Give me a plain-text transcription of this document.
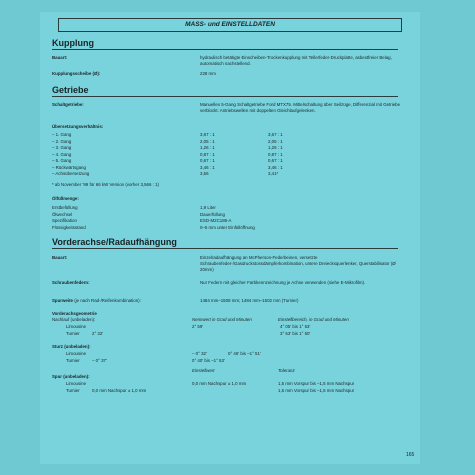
MASS- und EINSTELLDATEN
Kupplung
Bauart:	hydraulisch betätigte Einscheiben-Trockenkupplung mit Tellerfeder-Druckplatte, asbestfreier Belag, automatisch nachstellend.
Kupplungsscheibe (Ø):	228 mm
Getriebe
Schaltgetriebe:	Manuelles 5-Gang Schaltgetriebe Ford MTX75. Mittelschaltung über Seilzüge, Differenzial mit Getriebe verblockt. Antriebswellen mit doppelten Gleichlaufgelenken.
Übersetzungsverhältnis:
– 1. Gang	3,67 : 1	3,67 : 1
– 2. Gang	2,05 : 1	2,05 : 1
– 3. Gang	1,26 : 1	1,26 : 1
– 4. Gang	0,87 : 1	0,87 : 1
– 5. Gang	0,67 : 1	0,67 : 1
– Rückwärtsgang	3,46 : 1	3,46 : 1
– Achsübersetzung	3,56	3,41*
* ab November '99 für 66 kW Version (vorher 3,566 : 1)
Ölfüllmenge:
Erstbefüllung	1,9 Liter
Ölwechsel	Dauerfüllung
Spezifikation	ESD-M2C186-A
Flüssigkeitsstand	0–5 mm unter Einfüllöffnung
Vorderachse/Radaufhängung
Bauart:	Einzelradaufhängung an McPherson-Federbeinen, versetzte Schraubenfeder-/Gasdruckstossdämpferkombination, untere Dreiecksquerlenker, Querstabilisator (Ø 20mm)
Schraubenfedern:	Nur Federn mit gleicher Farbkennzeichnung je Achse verwenden (siehe E-Mikrofilm).
Spurweite (je nach Rad-/Reifenkombination):	1484 mm–1508 mm; 1484 mm–1502 mm (Turnier)
Vorderachsgeometrie
Nachlauf (unbeladen):	Nennwert in Grad und Minuten	Einstellbereich, in Grad und Minuten
Limousine	2° 59'	4° 05' bis 1° 53'
Turnier	2° 32'	3° 53' bis 1° 50'
Sturz (unbeladen):
Limousine	– 0° 32'	0° 46' bis –1° 51'
Turnier	– 0° 37'	0° 40' bis –1° 53'
Einstellwert	Toleranz
Spur (unbeladen):
Limousine	0,0 mm Nachspur ± 1,0 mm	1,5 mm Vorspur bis –1,5 mm Nachspur
Turnier	0,0 mm Nachspur ± 1,0 mm	1,5 mm Vorspur bis –1,5 mm Nachspur
165
